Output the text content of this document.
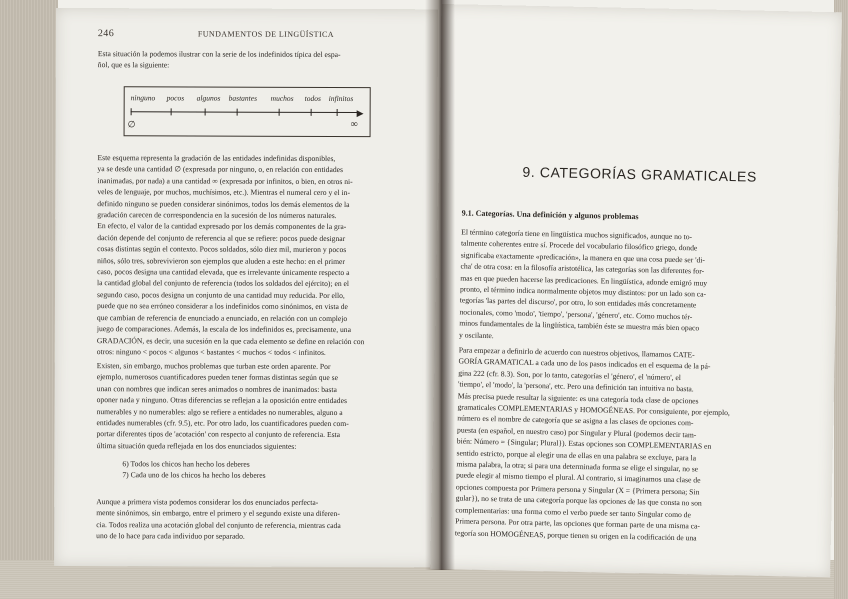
246	FUNDAMENTOS DE LINGÜÍSTICA
Esta situación la podemos ilustrar con la serie de los indefinidos típica del espa-
ñol, que es la siguiente:
ninguno pocos algunos bastantes muchos todos infinitos
▶
∅	∞
Este esquema representa la gradación de las entidades indefinidas disponibles,
ya se desde una cantidad ∅ (expresada por ninguno, o, en relación con entidades
inanimadas, por nada) a una cantidad ∞ (expresada por infinitos, o bien, en otros ni-
veles de lenguaje, por muchos, muchísimos, etc.). Mientras el numeral cero y el in-
definido ninguno se pueden considerar sinónimos, todos los demás elementos de la
gradación carecen de correspondencia en la sucesión de los números naturales.
En efecto, el valor de la cantidad expresado por los demás componentes de la gra-
dación depende del conjunto de referencia al que se refiere: pocos puede designar
cosas distintas según el contexto. Pocos soldados, sólo diez mil, murieron y pocos
niños, sólo tres, sobrevivieron son ejemplos que aluden a este hecho: en el primer
caso, pocos designa una cantidad elevada, que es irrelevante únicamente respecto a
la cantidad global del conjunto de referencia (todos los soldados del ejército); en el
segundo caso, pocos designa un conjunto de una cantidad muy reducida. Por ello,
puede que no sea erróneo considerar a los indefinidos como sinónimos, en vista de
que cambian de referencia de enunciado a enunciado, en relación con un complejo
juego de comparaciones. Además, la escala de los indefinidos es, precisamente, una
GRADACIÓN, es decir, una sucesión en la que cada elemento se define en relación con
otros: ninguno < pocos < algunos < bastantes < muchos < todos < infinitos.
Existen, sin embargo, muchos problemas que turban este orden aparente. Por
ejemplo, numerosos cuantificadores pueden tener formas distintas según que se
unan con nombres que indican seres animados o nombres de inanimados: basta
oponer nada y ninguno. Otras diferencias se reflejan a la oposición entre entidades
numerables y no numerables: algo se refiere a entidades no numerables, alguno a
entidades numerables (cfr. 9.5), etc. Por otro lado, los cuantificadores pueden com-
portar diferentes tipos de 'acotación' con respecto al conjunto de referencia. Esta
última situación queda reflejada en los dos enunciados siguientes:
6) Todos los chicos han hecho los deberes
7) Cada uno de los chicos ha hecho los deberes
Aunque a primera vista podemos considerar los dos enunciados perfecta-
mente sinónimos, sin embargo, entre el primero y el segundo existe una diferen-
cia. Todos realiza una acotación global del conjunto de referencia, mientras cada
uno de lo hace para cada individuo por separado.
9. CATEGORÍAS GRAMATICALES
9.1. Categorías. Una definición y algunos problemas
El término categoría tiene en lingüística muchos significados, aunque no to-
talmente coherentes entre sí. Procede del vocabulario filosófico griego, donde
significaba exactamente «predicación», la manera en que una cosa puede ser 'di-
cha' de otra cosa: en la filosofía aristotélica, las categorías son las diferentes for-
mas en que pueden hacerse las predicaciones. En lingüística, adonde emigró muy
pronto, el término indica normalmente objetos muy distintos: por un lado son ca-
tegorías 'las partes del discurso', por otro, lo son entidades más concretamente
nocionales, como 'modo', 'tiempo', 'persona', 'género', etc. Como muchos tér-
minos fundamentales de la lingüística, también éste se muestra más bien opaco
y oscilante.
Para empezar a definirlo de acuerdo con nuestros objetivos, llamamos CATE-
GORÍA GRAMATICAL a cada uno de los pasos indicados en el esquema de la pá-
gina 222 (cfr. 8.3). Son, por lo tanto, categorías el 'género', el 'número', el
'tiempo', el 'modo', la 'persona', etc. Pero una definición tan intuitiva no basta.
Más precisa puede resultar la siguiente: es una categoría toda clase de opciones
gramaticales COMPLEMENTARIAS y HOMOGÉNEAS. Por consiguiente, por ejemplo,
número es el nombre de categoría que se asigna a las clases de opciones com-
puesta (en español, en nuestro caso) por Singular y Plural (podemos decir tam-
bién: Número = {Singular; Plural}). Estas opciones son COMPLEMENTARIAS en
sentido estricto, porque al elegir una de ellas en una palabra se excluye, para la
misma palabra, la otra; si para una determinada forma se elige el singular, no se
puede elegir al mismo tiempo el plural. Al contrario, si imaginamos una clase de
opciones compuesta por Primera persona y Singular (X = {Primera persona; Sin
gular}), no se trata de una categoría porque las opciones de las que consta no son
complementarias: una forma como el verbo puede ser tanto Singular como de
Primera persona. Por otra parte, las opciones que forman parte de una misma ca-
tegoría son HOMOGÉNEAS, porque tienen su origen en la codificación de una
